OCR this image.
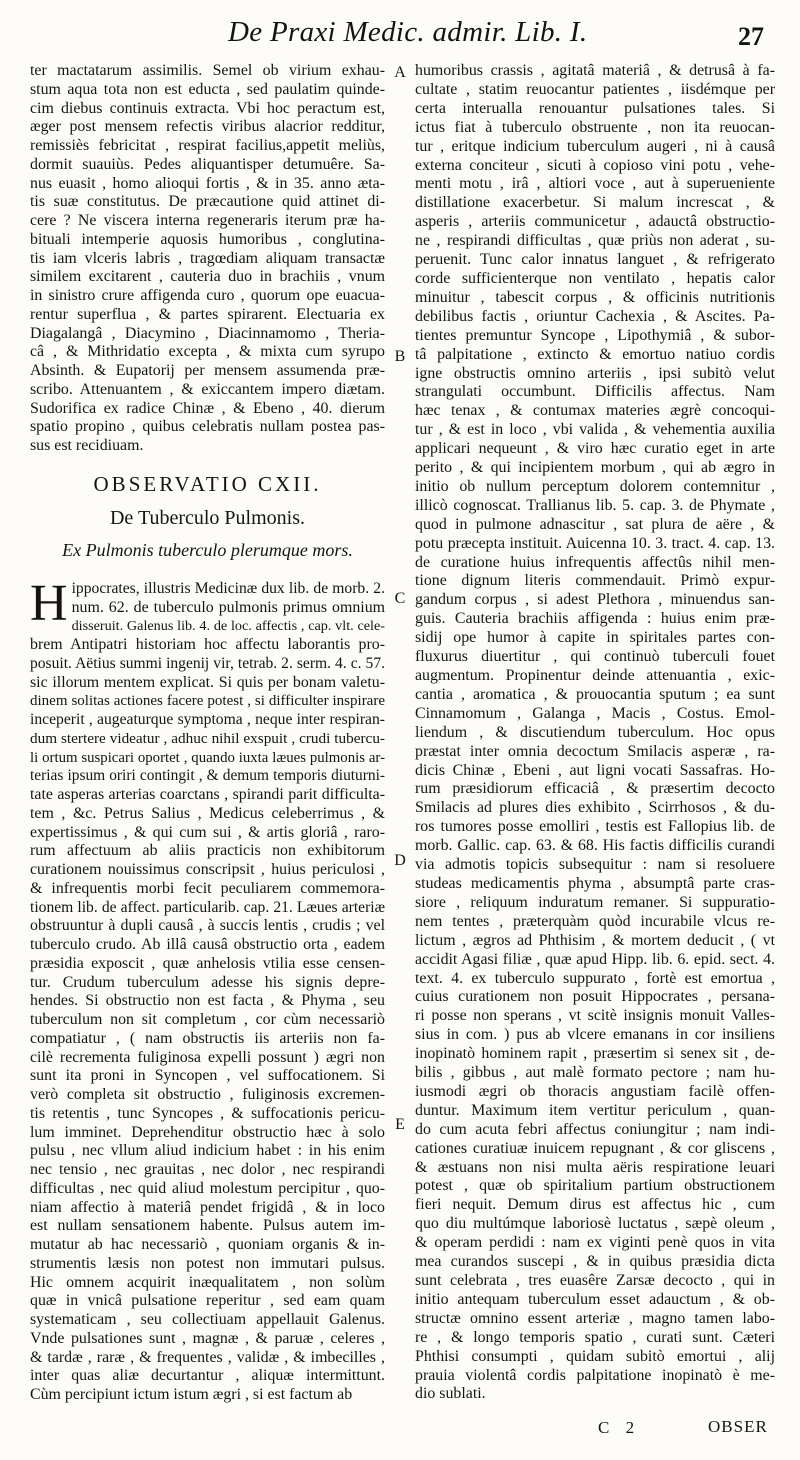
De Praxi Medic. admir. Lib. I.	27
ter mactatarum assimilis. Semel ob virium exhau-
stum aqua tota non est educta , sed paulatim quinde-
cim diebus continuis extracta. Vbi hoc peractum est,
æger post mensem refectis viribus alacrior redditur,
remissiès febricitat , respirat facilius,appetit meliùs,
dormit suauiùs. Pedes aliquantisper detumuêre. Sa-
nus euasit , homo alioqui fortis , & in 35. anno æta-
tis suæ constitutus. De præcautione quid attinet di-
cere ? Ne viscera interna regeneraris iterum præ ha-
bituali intemperie aquosis humoribus , conglutina-
tis iam vlceris labris , tragœdiam aliquam transactæ
similem excitarent , cauteria duo in brachiis , vnum
in sinistro crure affigenda curo , quorum ope euacua-
rentur superflua , & partes spirarent. Electuaria ex
Diagalangâ , Diacymino , Diacinnamomo , Theria-
câ , & Mithridatio excepta , & mixta cum syrupo
Absinth. & Eupatorij per mensem assumenda præ-
scribo. Attenuantem , & exiccantem impero diætam.
Sudorifica ex radice Chinæ , & Ebeno , 40. dierum
spatio propino , quibus celebratis nullam postea pas-
sus est recidiuam.
OBSERVATIO CXII.
De Tuberculo Pulmonis.
Ex Pulmonis tuberculo plerumque mors.
H ippocrates, illustris Medicinæ dux lib. de morb. 2.
num. 62. de tuberculo pulmonis primus omnium
disseruit. Galenus lib. 4. de loc. affectis , cap. vlt. cele-
brem Antipatri historiam hoc affectu laborantis pro-
posuit. Aëtius summi ingenij vir, tetrab. 2. serm. 4. c. 57.
sic illorum mentem explicat. Si quis per bonam valetu-
dinem solitas actiones facere potest , si difficulter inspirare
inceperit , augeaturque symptoma , neque inter respiran-
dum stertere videatur , adhuc nihil exspuit , crudi tubercu-
li ortum suspicari oportet , quando iuxta læues pulmonis ar-
terias ipsum oriri contingit , & demum temporis diuturni-
tate asperas arterias coarctans , spirandi parit difficulta-
tem , &c. Petrus Salius , Medicus celeberrimus , &
expertissimus , & qui cum sui , & artis gloriâ , raro-
rum affectuum ab aliis practicis non exhibitorum
curationem nouissimus conscripsit , huius periculosi ,
& infrequentis morbi fecit peculiarem commemora-
tionem lib. de affect. particularib. cap. 21. Læues arteriæ
obstruuntur à dupli causâ , à succis lentis , crudis ; vel
tuberculo crudo. Ab illâ causâ obstructio orta , eadem
præsidia exposcit , quæ anhelosis vtilia esse censen-
tur. Crudum tuberculum adesse his signis depre-
hendes. Si obstructio non est facta , & Phyma , seu
tuberculum non sit completum , cor cùm necessariò
compatiatur , ( nam obstructis iis arteriis non fa-
cilè recrementa fuliginosa expelli possunt ) ægri non
sunt ita proni in Syncopen , vel suffocationem. Si
verò completa sit obstructio , fuliginosis excremen-
tis retentis , tunc Syncopes , & suffocationis pericu-
lum imminet. Deprehenditur obstructio hæc à solo
pulsu , nec vllum aliud indicium habet : in his enim
nec tensio , nec grauitas , nec dolor , nec respirandi
difficultas , nec quid aliud molestum percipitur , quo-
niam affectio à materiâ pendet frigidâ , & in loco
est nullam sensationem habente. Pulsus autem im-
mutatur ab hac necessariò , quoniam organis & in-
strumentis læsis non potest non immutari pulsus.
Hic omnem acquirit inæqualitatem , non solùm
quæ in vnicâ pulsatione reperitur , sed eam quam
systematicam , seu collectiuam appellauit Galenus.
Vnde pulsationes sunt , magnæ , & paruæ , celeres ,
& tardæ , raræ , & frequentes , validæ , & imbecilles ,
inter quas aliæ decurtantur , aliquæ intermittunt.
Cùm percipiunt ictum istum ægri , si est factum ab
humoribus crassis , agitatâ materiâ , & detrusâ à fa-
cultate , statim reuocantur patientes , iisdémque per
certa interualla renouantur pulsationes tales. Si
ictus fiat à tuberculo obstruente , non ita reuocan-
tur , eritque indicium tuberculum augeri , ni à causâ
externa conciteur , sicuti à copioso vini potu , vehe-
menti motu , irâ , altiori voce , aut à superueniente
distillatione exacerbetur. Si malum increscat , &
asperis , arteriis communicetur , adauctâ obstructio-
ne , respirandi difficultas , quæ priùs non aderat , su-
peruenit. Tunc calor innatus languet , & refrigerato
corde sufficienterque non ventilato , hepatis calor
minuitur , tabescit corpus , & officinis nutritionis
debilibus factis , oriuntur Cachexia , & Ascites. Pa-
tientes premuntur Syncope , Lipothymiâ , & subor-
tâ palpitatione , extincto & emortuo natiuo cordis
igne obstructis omnino arteriis , ipsi subitò velut
strangulati occumbunt. Difficilis affectus. Nam
hæc tenax , & contumax materies ægrè concoqui-
tur , & est in loco , vbi valida , & vehementia auxilia
applicari nequeunt , & viro hæc curatio eget in arte
perito , & qui incipientem morbum , qui ab ægro in
initio ob nullum perceptum dolorem contemnitur ,
illicò cognoscat. Trallianus lib. 5. cap. 3. de Phymate ,
quod in pulmone adnascitur , sat plura de aëre , &
potu præcepta instituit. Auicenna 10. 3. tract. 4. cap. 13.
de curatione huius infrequentis affectûs nihil men-
tione dignum literis commendauit. Primò expur-
gandum corpus , si adest Plethora , minuendus san-
guis. Cauteria brachiis affigenda : huius enim præ-
sidij ope humor à capite in spiritales partes con-
fluxurus diuertitur , qui continuò tuberculi fouet
augmentum. Propinentur deinde attenuantia , exic-
cantia , aromatica , & prouocantia sputum ; ea sunt
Cinnamomum , Galanga , Macis , Costus. Emol-
liendum , & discutiendum tuberculum. Hoc opus
præstat inter omnia decoctum Smilacis asperæ , ra-
dicis Chinæ , Ebeni , aut ligni vocati Sassafras. Ho-
rum præsidiorum efficaciâ , & præsertim decocto
Smilacis ad plures dies exhibito , Scirrhosos , & du-
ros tumores posse emolliri , testis est Fallopius lib. de
morb. Gallic. cap. 63. & 68. His factis difficilis curandi
via admotis topicis subsequitur : nam si resoluere
studeas medicamentis phyma , absumptâ parte cras-
siore , reliquum induratum remaner. Si suppuratio-
nem tentes , præterquàm quòd incurabile vlcus re-
lictum , ægros ad Phthisim , & mortem deducit , ( vt
accidit Agasi filiæ , quæ apud Hipp. lib. 6. epid. sect. 4.
text. 4. ex tuberculo suppurato , fortè est emortua ,
cuius curationem non posuit Hippocrates , persana-
ri posse non sperans , vt scitè insignis monuit Valles-
sius in com. ) pus ab vlcere emanans in cor insiliens
inopinatò hominem rapit , præsertim si senex sit , de-
bilis , gibbus , aut malè formato pectore ; nam hu-
iusmodi ægri ob thoracis angustiam facilè offen-
duntur. Maximum item vertitur periculum , quan-
do cum acuta febri affectus coniungitur ; nam indi-
cationes curatiuæ inuicem repugnant , & cor gliscens ,
& æstuans non nisi multa aëris respiratione leuari
potest , quæ ob spiritalium partium obstructionem
fieri nequit. Demum dirus est affectus hic , cum
quo diu multúmque laboriosè luctatus , sæpè oleum ,
& operam perdidi : nam ex viginti penè quos in vita
mea curandos suscepi , & in quibus præsidia dicta
sunt celebrata , tres euasêre Zarsæ decocto , qui in
initio antequam tuberculum esset adauctum , & ob-
structæ omnino essent arteriæ , magno tamen labo-
re , & longo temporis spatio , curati sunt. Cæteri
Phthisi consumpti , quidam subitò emortui , alij
prauia violentâ cordis palpitatione inopinatò è me-
dio sublati.
A
B
C
D
E
C 2	OBSER
